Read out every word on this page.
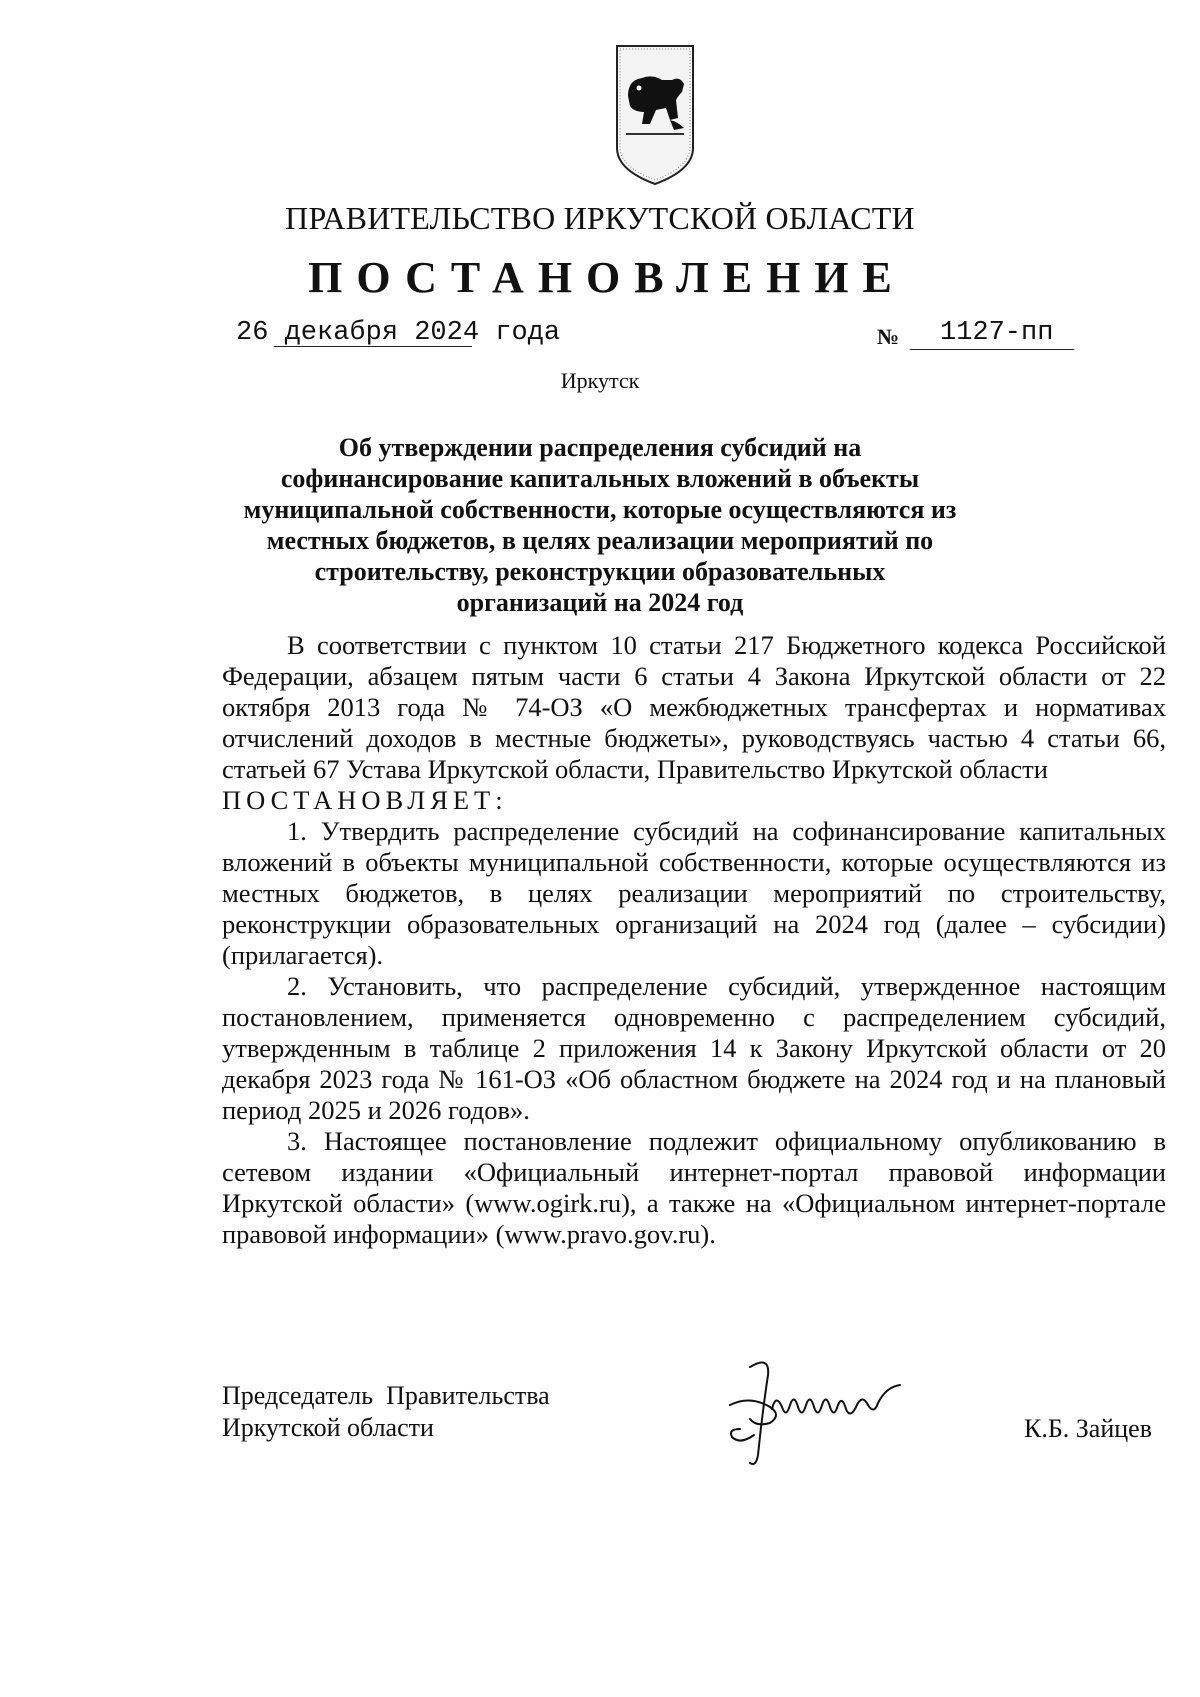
ПРАВИТЕЛЬСТВО ИРКУТСКОЙ ОБЛАСТИ
ПОСТАНОВЛЕНИЕ
26 декабря 2024 года	№ 1127-пп
Иркутск
Об утверждении распределения субсидий на софинансирование капитальных вложений в объекты муниципальной собственности, которые осуществляются из местных бюджетов, в целях реализации мероприятий по строительству, реконструкции образовательных организаций на 2024 год

В соответствии с пунктом 10 статьи 217 Бюджетного кодекса Российской Федерации, абзацем пятым части 6 статьи 4 Закона Иркутской области от 22 октября 2013 года № 74-ОЗ «О межбюджетных трансфертах и нормативах отчислений доходов в местные бюджеты», руководствуясь частью 4 статьи 66, статьей 67 Устава Иркутской области, Правительство Иркутской области

ПОСТАНОВЛЯЕТ:

1. Утвердить распределение субсидий на софинансирование капитальных вложений в объекты муниципальной собственности, которые осуществляются из местных бюджетов, в целях реализации мероприятий по строительству, реконструкции образовательных организаций на 2024 год (далее – субсидии) (прилагается).

2. Установить, что распределение субсидий, утвержденное настоящим постановлением, применяется одновременно с распределением субсидий, утвержденным в таблице 2 приложения 14 к Закону Иркутской области от 20 декабря 2023 года № 161-ОЗ «Об областном бюджете на 2024 год и на плановый период 2025 и 2026 годов».

3. Настоящее постановление подлежит официальному опубликованию в сетевом издании «Официальный интернет-портал правовой информации Иркутской области» (www.ogirk.ru), а также на «Официальном интернет-портале правовой информации» (www.pravo.gov.ru).

Председатель  Правительства
Иркутской области	К.Б. Зайцев
